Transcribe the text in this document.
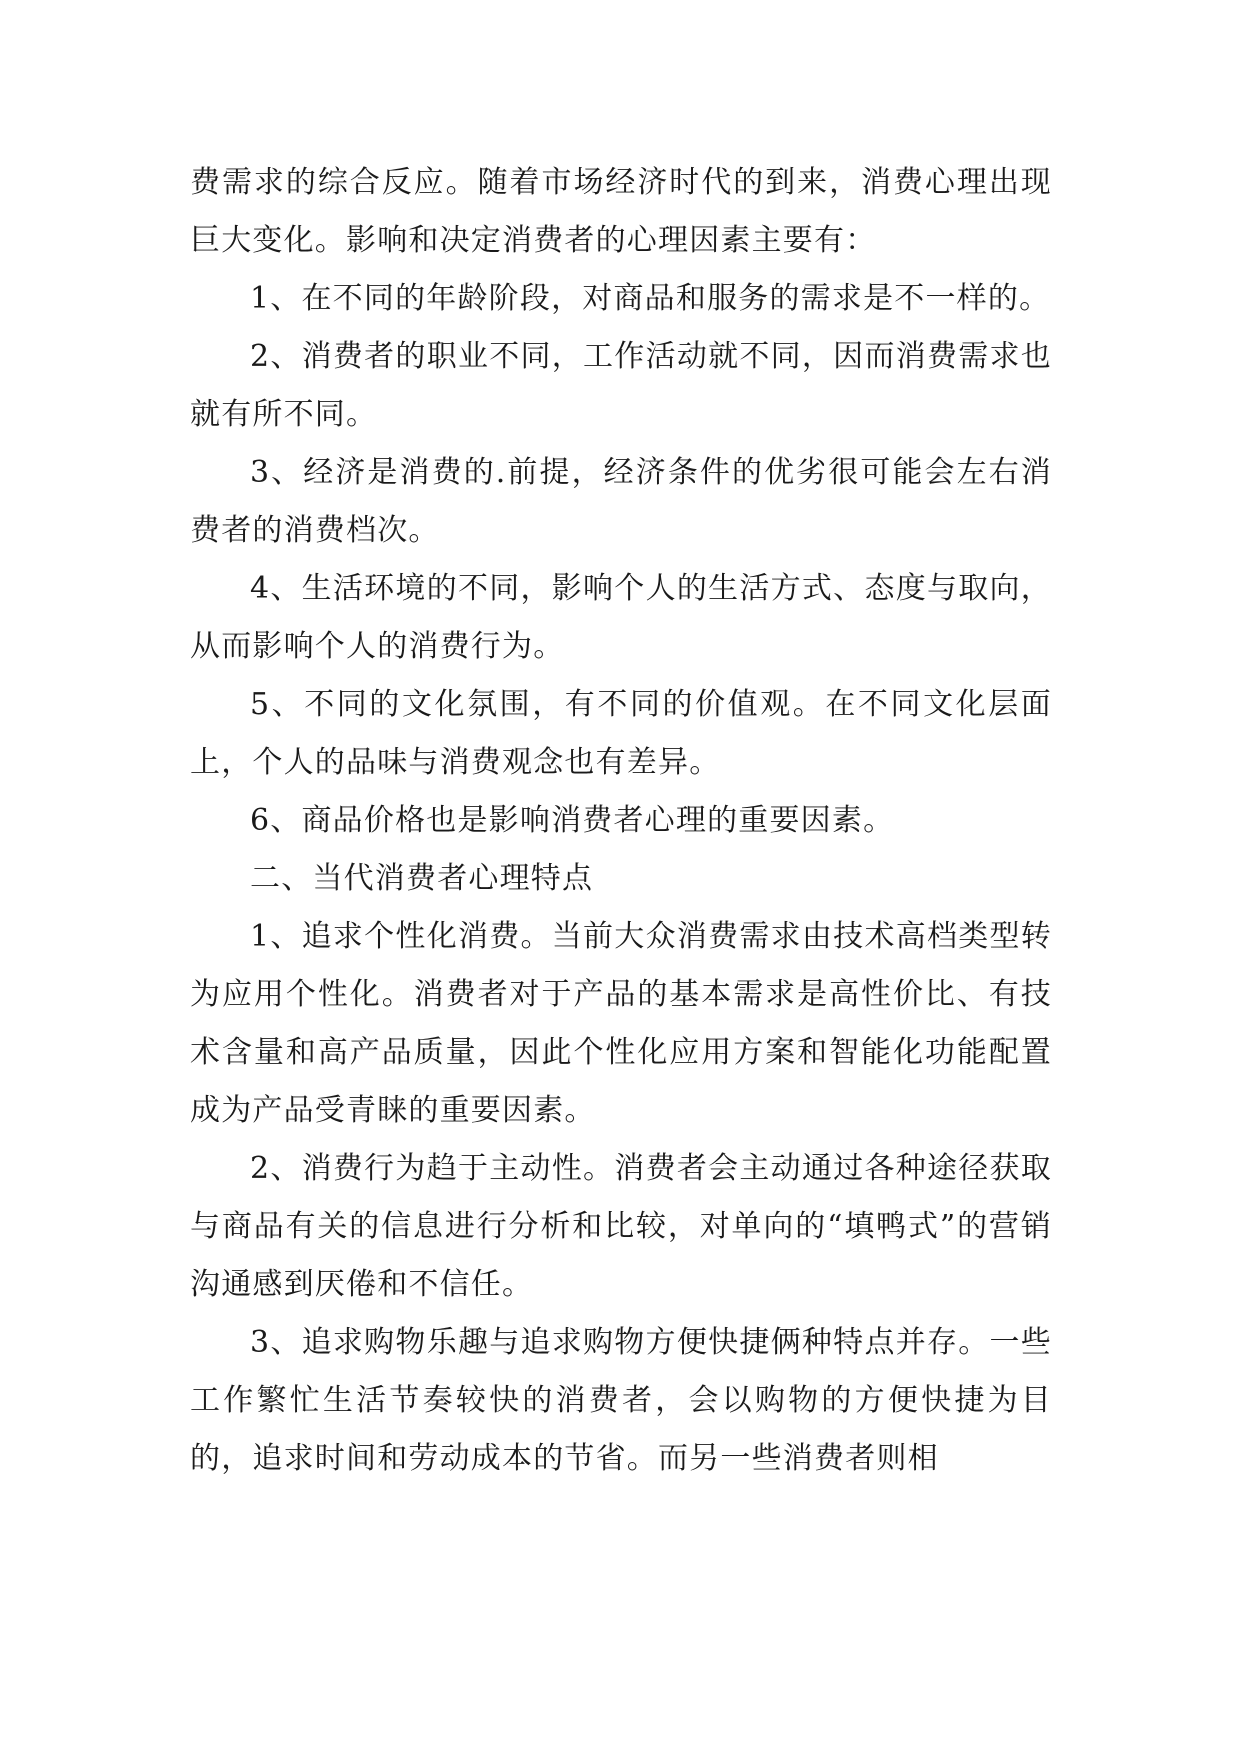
费需求的综合反应。随着市场经济时代的到来，消费心理出现巨大变化。影响和决定消费者的心理因素主要有：

1、在不同的年龄阶段，对商品和服务的需求是不一样的。

2、消费者的职业不同，工作活动就不同，因而消费需求也就有所不同。

3、经济是消费的.前提，经济条件的优劣很可能会左右消费者的消费档次。

4、生活环境的不同，影响个人的生活方式、态度与取向，从而影响个人的消费行为。

5、不同的文化氛围，有不同的价值观。在不同文化层面上，个人的品味与消费观念也有差异。

6、商品价格也是影响消费者心理的重要因素。

二、当代消费者心理特点

1、追求个性化消费。当前大众消费需求由技术高档类型转为应用个性化。消费者对于产品的基本需求是高性价比、有技术含量和高产品质量，因此个性化应用方案和智能化功能配置成为产品受青睐的重要因素。

2、消费行为趋于主动性。消费者会主动通过各种途径获取与商品有关的信息进行分析和比较，对单向的“填鸭式”的营销沟通感到厌倦和不信任。

3、追求购物乐趣与追求购物方便快捷俩种特点并存。一些工作繁忙生活节奏较快的消费者，会以购物的方便快捷为目的，追求时间和劳动成本的节省。而另一些消费者则相
